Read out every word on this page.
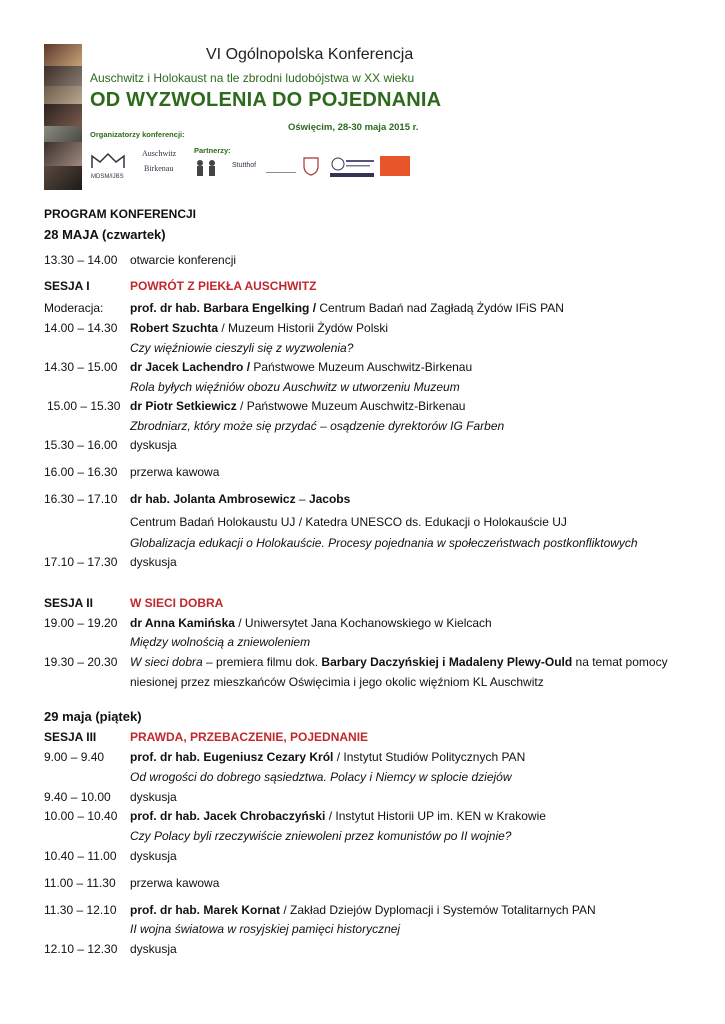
VI Ogólnopolska Konferencja
Auschwitz i Holokaust na tle zbrodni ludobójstwa w XX wieku
OD WYZWOLENIA DO POJEDNANIA
Oświęcim, 28-30 maja 2015 r.
Organizatorzy konferencji:
Partnerzy:
MDSM/IJBS
Auschwitz
Birkenau	Stutthof
PROGRAM KONFERENCJI
28 MAJA (czwartek)
13.30 – 14.00 otwarcie konferencji
SESJA I	POWRÓT Z PIEKŁA AUSCHWITZ
Moderacja: prof. dr hab. Barbara Engelking / Centrum Badań nad Zagładą Żydów IFiS PAN
14.00 – 14.30 Robert Szuchta / Muzeum Historii Żydów Polski
Czy więźniowie cieszyli się z wyzwolenia?
14.30 – 15.00 dr Jacek Lachendro / Państwowe Muzeum Auschwitz-Birkenau
Rola byłych więźniów obozu Auschwitz w utworzeniu Muzeum
15.00 – 15.30 dr Piotr Setkiewicz / Państwowe Muzeum Auschwitz-Birkenau
Zbrodniarz, który może się przydać – osądzenie dyrektorów IG Farben
15.30 – 16.00 dyskusja
16.00 – 16.30 przerwa kawowa
16.30 – 17.10 dr hab. Jolanta Ambrosewicz – Jacobs
Centrum Badań Holokaustu UJ / Katedra UNESCO ds. Edukacji o Holokauście UJ
Globalizacja edukacji o Holokauście. Procesy pojednania w społeczeństwach postkonfliktowych
17.10 – 17.30 dyskusja
SESJA II	W SIECI DOBRA
19.00 – 19.20 dr Anna Kamińska / Uniwersytet Jana Kochanowskiego w Kielcach
Między wolnością a zniewoleniem
19.30 – 20.30 W sieci dobra – premiera filmu dok. Barbary Daczyńskiej i Madaleny Plewy-Ould na temat pomocy
niesionej przez mieszkańców Oświęcimia i jego okolic więźniom KL Auschwitz
29 maja (piątek)
SESJA III	PRAWDA, PRZEBACZENIE, POJEDNANIE
9.00 – 9.40 prof. dr hab. Eugeniusz Cezary Król / Instytut Studiów Politycznych PAN
Od wrogości do dobrego sąsiedztwa. Polacy i Niemcy w splocie dziejów
9.40 – 10.00 dyskusja
10.00 – 10.40 prof. dr hab. Jacek Chrobaczyński / Instytut Historii UP im. KEN w Krakowie
Czy Polacy byli rzeczywiście zniewoleni przez komunistów po II wojnie?
10.40 – 11.00 dyskusja
11.00 – 11.30 przerwa kawowa
11.30 – 12.10 prof. dr hab. Marek Kornat / Zakład Dziejów Dyplomacji i Systemów Totalitarnych PAN
II wojna światowa w rosyjskiej pamięci historycznej
12.10 – 12.30 dyskusja
